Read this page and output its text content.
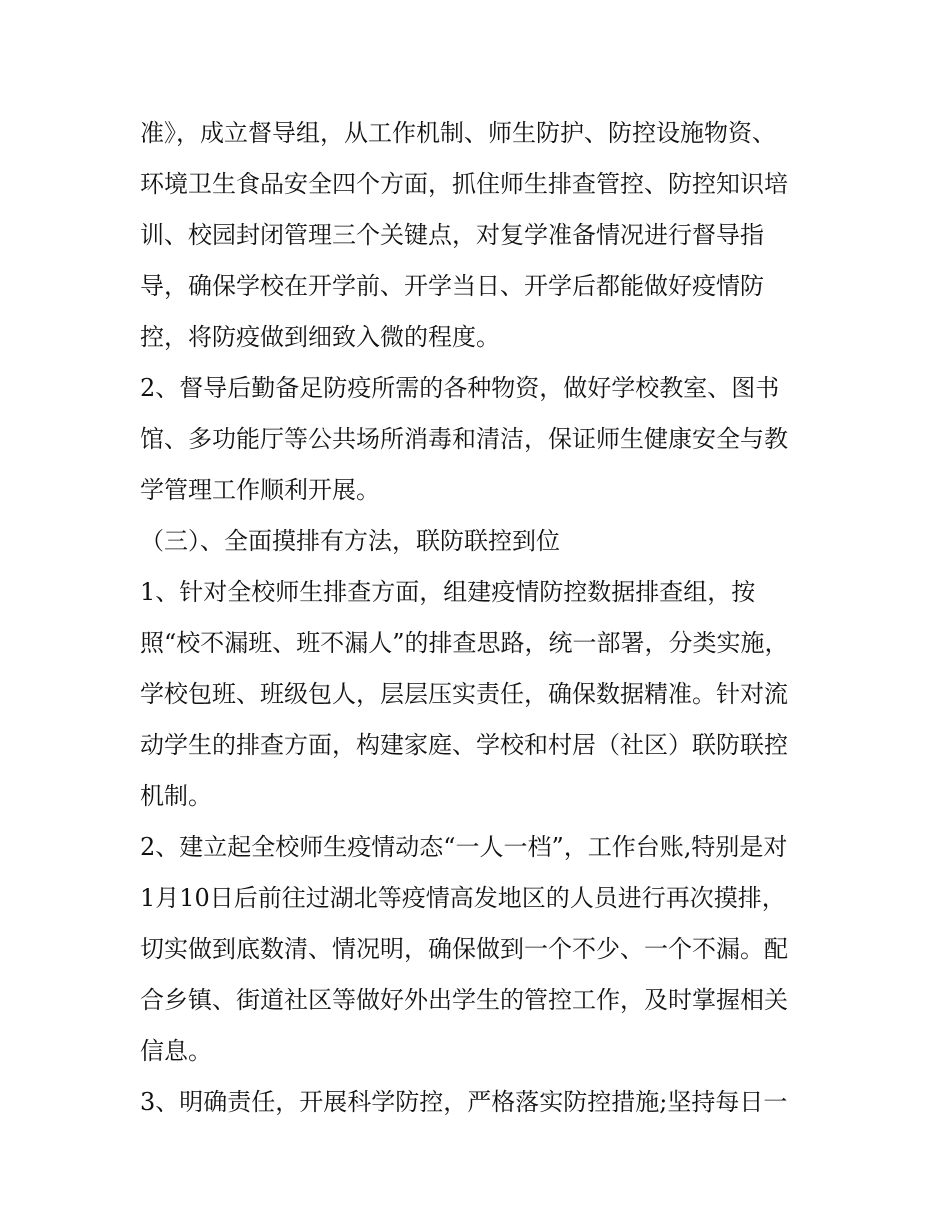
准》，成立督导组，从工作机制、师生防护、防控设施物资、
环境卫生食品安全四个方面，抓住师生排查管控、防控知识培
训、校园封闭管理三个关键点，对复学准备情况进行督导指
导，确保学校在开学前、开学当日、开学后都能做好疫情防
控，将防疫做到细致入微的程度。
2、督导后勤备足防疫所需的各种物资，做好学校教室、图书
馆、多功能厅等公共场所消毒和清洁，保证师生健康安全与教
学管理工作顺利开展。
（三）、全面摸排有方法，联防联控到位
1、针对全校师生排查方面，组建疫情防控数据排查组，按
照“校不漏班、班不漏人”的排查思路，统一部署，分类实施，
学校包班、班级包人，层层压实责任，确保数据精准。针对流
动学生的排查方面，构建家庭、学校和村居（社区）联防联控
机制。
2、建立起全校师生疫情动态“一人一档”，工作台账,特别是对
1月10日后前往过湖北等疫情高发地区的人员进行再次摸排，
切实做到底数清、情况明，确保做到一个不少、一个不漏。配
合乡镇、街道社区等做好外出学生的管控工作，及时掌握相关
信息。
3、明确责任，开展科学防控，严格落实防控措施;坚持每日一
